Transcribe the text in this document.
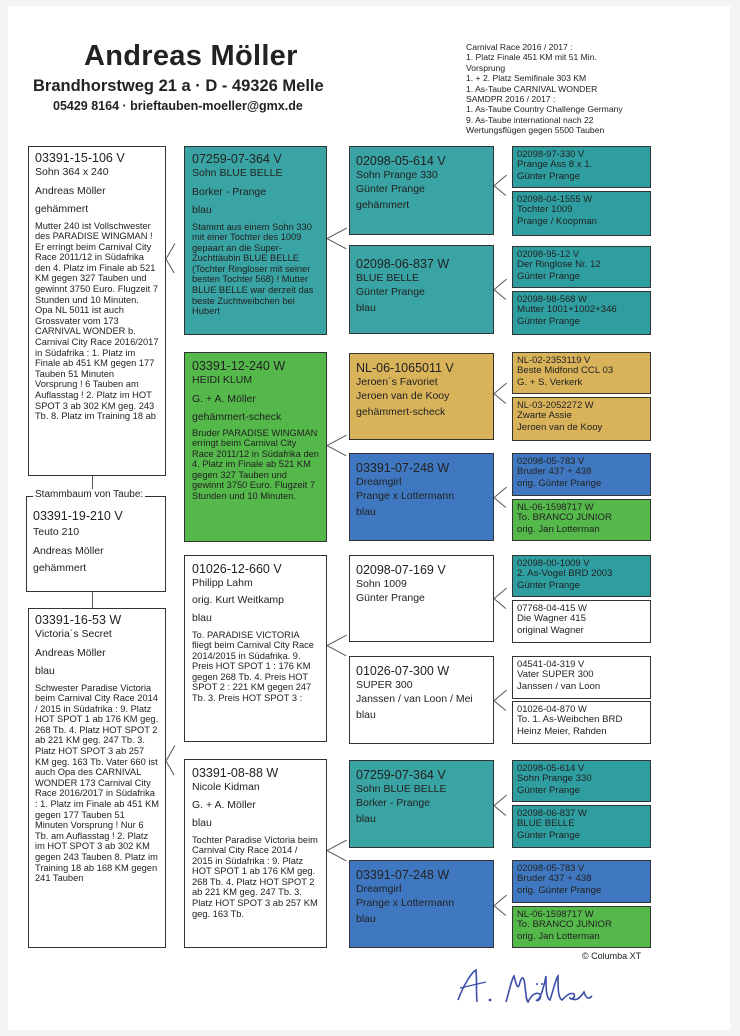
Andreas Möller
Brandhorstweg 21 a · D - 49326 Melle
05429 8164 · brieftauben-moeller@gmx.de
Carnival Race 2016 / 2017 :
1. Platz Finale 451 KM mit 51 Min.
Vorsprung
1. + 2. Platz Semifinale 303 KM
1. As-Taube CARNIVAL WONDER
SAMDPR 2016 / 2017 :
1. As-Taube Country Challenge Germany
9. As-Taube international nach 22
Wertungsflügen gegen 5500 Tauben
03391-15-106 V
Sohn 364 x 240
Andreas Möller
gehämmert
Mutter 240 ist Vollschwester des PARADISE WINGMAN ! Er erringt beim Carnival City Race 2011/12 in Südafrika den 4. Platz im Finale ab 521 KM gegen 327 Tauben und gewinnt 3750 Euro. Flugzeit 7 Stunden und 10 Minuten. Opa NL 5011 ist auch Grossvater vom 173 CARNIVAL WONDER b. Carnival City Race 2016/2017 in Südafrika : 1. Platz im Finale ab 451 KM gegen 177 Tauben 51 Minuten Vorsprung ! 6 Tauben am Auflasstag ! 2. Platz im HOT SPOT 3 ab 302 KM geg. 243 Tb. 8. Platz im Training 18 ab
03391-19-210 V
Teuto 210
Andreas Möller
gehämmert
Stammbaum von Taube:
03391-16-53 W
Victoria´s Secret
Andreas Möller
blau
Schwester Paradise Victoria beim Carnival City Race 2014 / 2015 in Südafrika : 9. Platz HOT SPOT 1 ab 176 KM geg. 268 Tb. 4. Platz HOT SPOT 2 ab 221 KM geg. 247 Tb. 3. Platz HOT SPOT 3 ab 257 KM geg. 163 Tb. Vater 660 ist auch Opa des CARNIVAL WONDER 173 Carnival City Race 2016/2017 in Südafrika : 1. Platz im Finale ab 451 KM gegen 177 Tauben 51 Minuten Vorsprung ! Nur 6 Tb. am Auflasstag ! 2. Platz im HOT SPOT 3 ab 302 KM gegen 243 Tauben 8. Platz im Training 18 ab 168 KM gegen 241 Tauben
07259-07-364 V
Sohn BLUE BELLE
Borker - Prange
blau
Stammt aus einem Sohn 330 mit einer Tochter des 1009 gepaart an die Super-Zuchttäubin BLUE BELLE (Tochter Ringloser mit seiner besten Tochter 568) ! Mutter BLUE BELLE war derzeit das beste Zuchtweibchen bei Hubert
03391-12-240 W
HEIDI KLUM
G. + A. Möller
gehämmert-scheck
Bruder PARADISE WINGMAN erringt beim Carnival City Race 2011/12 in Südafrika den 4. Platz im Finale ab 521 KM gegen 327 Tauben und gewinnt 3750 Euro. Flugzeit 7 Stunden und 10 Minuten.
01026-12-660 V
Philipp Lahm
orig. Kurt Weitkamp
blau
To. PARADISE VICTORIA fliegt beim Carnival City Race 2014/2015 in Südafrika. 9. Preis HOT SPOT 1 : 176 KM gegen 268 Tb. 4. Preis HOT SPOT 2 : 221 KM gegen 247 Tb. 3. Preis HOT SPOT 3 :
03391-08-88 W
Nicole Kidman
G. + A. Möller
blau
Tochter Paradise Victoria beim Carnival City Race 2014 / 2015 in Südafrika : 9. Platz HOT SPOT 1 ab 176 KM geg. 268 Tb. 4. Platz HOT SPOT 2 ab 221 KM geg. 247 Tb. 3. Platz HOT SPOT 3 ab 257 KM geg. 163 Tb.
02098-05-614 V
Sohn Prange 330
Günter Prange
gehämmert
02098-06-837 W
BLUE BELLE
Günter Prange
blau
NL-06-1065011 V
Jeroen´s Favoriet
Jeroen van de Kooy
gehämmert-scheck
03391-07-248 W
Dreamgirl
Prange x Lottermann
blau
02098-07-169 V
Sohn 1009
Günter Prange
01026-07-300 W
SUPER 300
Janssen / van Loon / Mei
blau
07259-07-364 V
Sohn BLUE BELLE
Borker - Prange
blau
03391-07-248 W
Dreamgirl
Prange x Lottermann
blau
02098-97-330 V
Prange Ass 8 x 1.
Günter Prange
02098-04-1555 W
Tochter 1009
Prange / Koopman
02098-95-12 V
Der Ringlose Nr. 12
Günter Prange
02098-98-568 W
Mutter 1001+1002+346
Günter Prange
NL-02-2353119 V
Beste Midfond CCL 03
G. + S. Verkerk
NL-03-2052272 W
Zwarte Assie
Jeroen van de Kooy
02098-05-783 V
Bruder 437 + 438
orig. Günter Prange
NL-06-1598717 W
To. BRANCO JUNIOR
orig. Jan Lotterman
02098-00-1009 V
2. As-Vogel BRD 2003
Günter Prange
07768-04-415 W
Die Wagner 415
original Wagner
04541-04-319 V
Vater SUPER 300
Janssen / van Loon
01026-04-870 W
To. 1. As-Weibchen BRD
Heinz Meier, Rahden
02098-05-614 V
Sohn Prange 330
Günter Prange
02098-06-837 W
BLUE BELLE
Günter Prange
02098-05-783 V
Bruder 437 + 438
orig. Günter Prange
NL-06-1598717 W
To. BRANCO JUNIOR
orig. Jan Lotterman
© Columba XT
